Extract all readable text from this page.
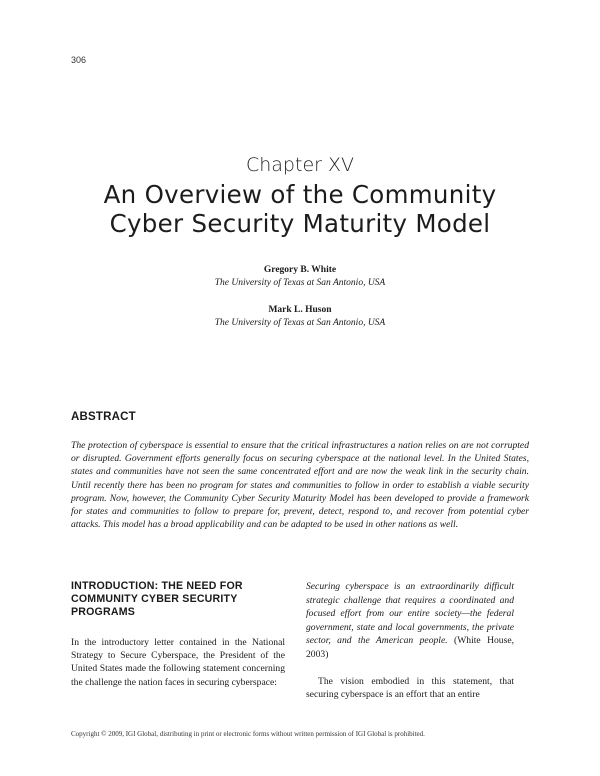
306
Chapter XV
An Overview of the Community
Cyber Security Maturity Model
Gregory B. White
The University of Texas at San Antonio, USA
Mark L. Huson
The University of Texas at San Antonio, USA
ABSTRACT
The protection of cyberspace is essential to ensure that the critical infrastructures a nation relies on are not corrupted or disrupted. Government efforts generally focus on securing cyberspace at the national level. In the United States, states and communities have not seen the same concentrated effort and are now the weak link in the security chain. Until recently there has been no program for states and communities to follow in order to establish a viable security program. Now, however, the Community Cyber Security Maturity Model has been developed to provide a framework for states and communities to follow to prepare for, prevent, detect, respond to, and recover from potential cyber attacks. This model has a broad applicability and can be adapted to be used in other nations as well.
INTRODUCTION: THE NEED FOR COMMUNITY CYBER SECURITY PROGRAMS

In the introductory letter contained in the National Strategy to Secure Cyberspace, the President of the United States made the following statement concerning the challenge the nation faces in securing cyberspace:

Securing cyberspace is an extraordinarily difficult strategic challenge that requires a coordinated and focused effort from our entire society—the federal government, state and local governments, the private sector, and the American people. (White House, 2003)

The vision embodied in this statement, that securing cyberspace is an effort that an entire

Copyright © 2009, IGI Global, distributing in print or electronic forms without written permission of IGI Global is prohibited.
